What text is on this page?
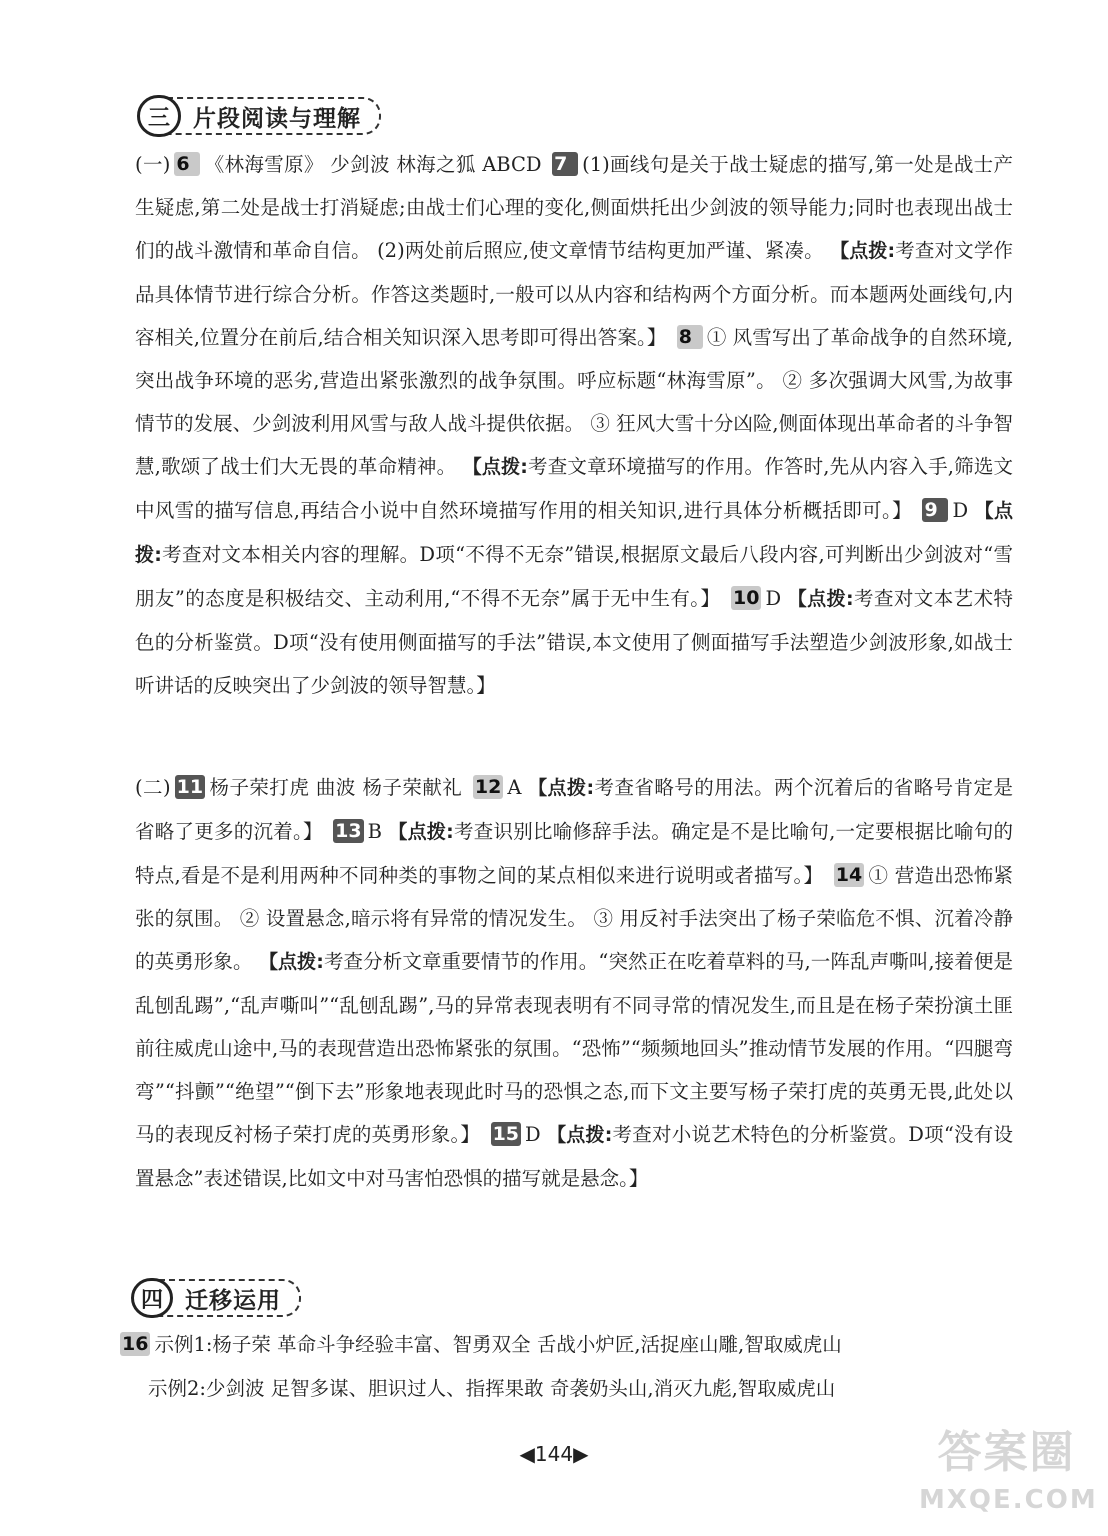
三	片段阅读与理解

(一) 6 《林海雪原》 少剑波 林海之狐 ABCD 7 (1)画线句是关于战士疑虑的描写,第一处是战士产生疑虑,第二处是战士打消疑虑;由战士们心理的变化,侧面烘托出少剑波的领导能力;同时也表现出战士们的战斗激情和革命自信。 (2)两处前后照应,使文章情节结构更加严谨、紧凑。 【点拨:考查对文学作品具体情节进行综合分析。作答这类题时,一般可以从内容和结构两个方面分析。而本题两处画线句,内容相关,位置分在前后,结合相关知识深入思考即可得出答案。】 8 ① 风雪写出了革命战争的自然环境,突出战争环境的恶劣,营造出紧张激烈的战争氛围。呼应标题“林海雪原”。 ② 多次强调大风雪,为故事情节的发展、少剑波利用风雪与敌人战斗提供依据。 ③ 狂风大雪十分凶险,侧面体现出革命者的斗争智慧,歌颂了战士们大无畏的革命精神。 【点拨:考查文章环境描写的作用。作答时,先从内容入手,筛选文中风雪的描写信息,再结合小说中自然环境描写作用的相关知识,进行具体分析概括即可。】 9 D 【点拨:考查对文本相关内容的理解。D项“不得不无奈”错误,根据原文最后八段内容,可判断出少剑波对“雪朋友”的态度是积极结交、主动利用,“不得不无奈”属于无中生有。】 10 D 【点拨:考查对文本艺术特色的分析鉴赏。D项“没有使用侧面描写的手法”错误,本文使用了侧面描写手法塑造少剑波形象,如战士听讲话的反映突出了少剑波的领导智慧。】

(二) 11 杨子荣打虎 曲波 杨子荣献礼 12 A 【点拨:考查省略号的用法。两个沉着后的省略号肯定是省略了更多的沉着。】 13 B 【点拨:考查识别比喻修辞手法。确定是不是比喻句,一定要根据比喻句的特点,看是不是利用两种不同种类的事物之间的某点相似来进行说明或者描写。】 14 ① 营造出恐怖紧张的氛围。 ② 设置悬念,暗示将有异常的情况发生。 ③ 用反衬手法突出了杨子荣临危不惧、沉着冷静的英勇形象。 【点拨:考查分析文章重要情节的作用。“突然正在吃着草料的马,一阵乱声嘶叫,接着便是乱刨乱踢”,“乱声嘶叫”“乱刨乱踢”,马的异常表现表明有不同寻常的情况发生,而且是在杨子荣扮演土匪前往威虎山途中,马的表现营造出恐怖紧张的氛围。“恐怖”“频频地回头”推动情节发展的作用。“四腿弯弯”“抖颤”“绝望”“倒下去”形象地表现此时马的恐惧之态,而下文主要写杨子荣打虎的英勇无畏,此处以马的表现反衬杨子荣打虎的英勇形象。】 15 D 【点拨:考查对小说艺术特色的分析鉴赏。D项“没有设置悬念”表述错误,比如文中对马害怕恐惧的描写就是悬念。】

四 迁移运用

16 示例1:杨子荣 革命斗争经验丰富、智勇双全 舌战小炉匠,活捉座山雕,智取威虎山

示例2:少剑波 足智多谋、胆识过人、指挥果敢 奇袭奶头山,消灭九彪,智取威虎山

◀144▶	答案圈
MXQE.COM
